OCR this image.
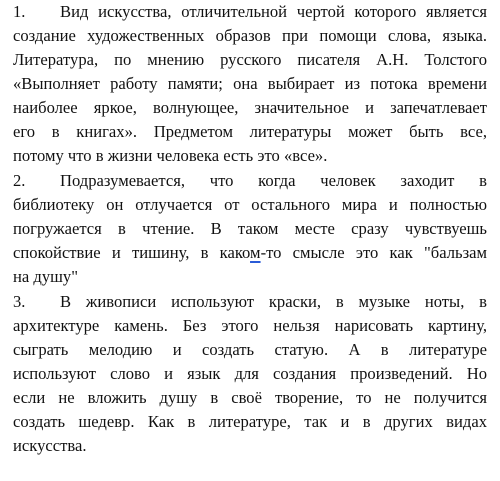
1. Вид искусства, отличительной чертой которого является
создание художественных образов при помощи слова, языка.
Литература, по мнению русского писателя А.Н. Толстого
«Выполняет работу памяти; она выбирает из потока времени
наиболее яркое, волнующее, значительное и запечатлевает
его в книгах». Предметом литературы может быть все,
потому что в жизни человека есть это «все».
2. Подразумевается, что когда человек заходит в
библиотеку он отлучается от остального мира и полностью
погружается в чтение. В таком месте сразу чувствуешь
спокойствие и тишину, в каком-то смысле это как "бальзам
на душу"
3. В живописи используют краски, в музыке ноты, в
архитектуре камень. Без этого нельзя нарисовать картину,
сыграть мелодию и создать статую. А в литературе
используют слово и язык для создания произведений. Но
если не вложить душу в своё творение, то не получится
создать шедевр. Как в литературе, так и в других видах
искусства.
